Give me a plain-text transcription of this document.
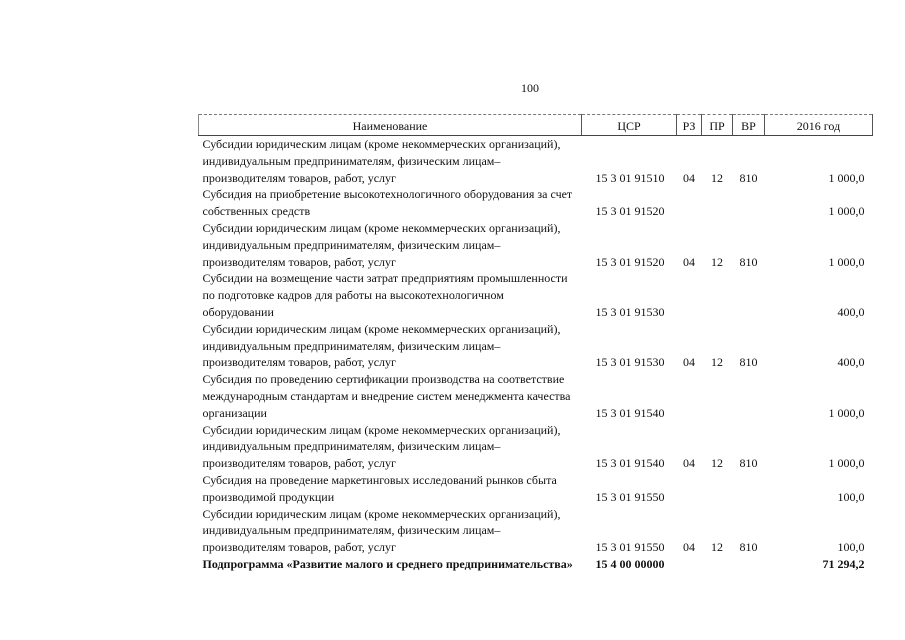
100
Наименование	ЦСР	РЗ	ПР	ВР	2016 год
Субсидии юридическим лицам (кроме некоммерческих организаций), индивидуальным предпринимателям, физическим лицам–производителям товаров, работ, услуг	15 3 01 91510	04	12	810	1 000,0
Субсидия на приобретение высокотехнологичного оборудования за счет собственных средств	15 3 01 91520				1 000,0
Субсидии юридическим лицам (кроме некоммерческих организаций), индивидуальным предпринимателям, физическим лицам–производителям товаров, работ, услуг	15 3 01 91520	04	12	810	1 000,0
Субсидии на возмещение части затрат предприятиям промышленности по подготовке кадров для работы на высокотехнологичном оборудовании	15 3 01 91530				400,0
Субсидии юридическим лицам (кроме некоммерческих организаций), индивидуальным предпринимателям, физическим лицам–производителям товаров, работ, услуг	15 3 01 91530	04	12	810	400,0
Субсидия по проведению сертификации производства на соответствие международным стандартам и внедрение систем менеджмента качества организации	15 3 01 91540				1 000,0
Субсидии юридическим лицам (кроме некоммерческих организаций), индивидуальным предпринимателям, физическим лицам–производителям товаров, работ, услуг	15 3 01 91540	04	12	810	1 000,0
Субсидия на проведение маркетинговых исследований рынков сбыта производимой продукции	15 3 01 91550				100,0
Субсидии юридическим лицам (кроме некоммерческих организаций), индивидуальным предпринимателям, физическим лицам–производителям товаров, работ, услуг	15 3 01 91550	04	12	810	100,0
Подпрограмма «Развитие малого и среднего предпринимательства»	15 4 00 00000				71 294,2
